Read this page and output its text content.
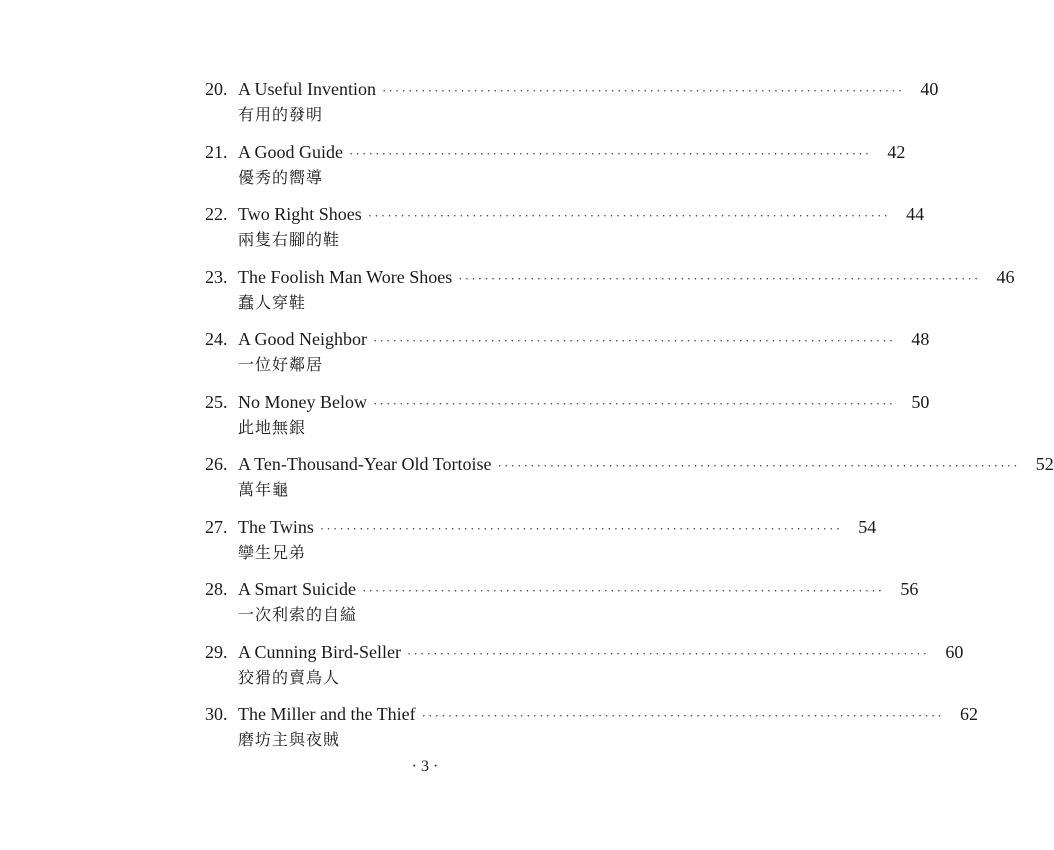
20. A Useful Invention ················································································ 40
有用的發明
21. A Good Guide ················································································ 42
優秀的嚮導
22. Two Right Shoes ················································································ 44
兩隻右腳的鞋
23. The Foolish Man Wore Shoes ················································································ 46
蠢人穿鞋
24. A Good Neighbor ················································································ 48
一位好鄰居
25. No Money Below ················································································ 50
此地無銀
26. A Ten-Thousand-Year Old Tortoise ················································································ 52
萬年龜
27. The Twins ················································································ 54
孿生兄弟
28. A Smart Suicide ················································································ 56
一次利索的自縊
29. A Cunning Bird-Seller ················································································ 60
狡猾的賣鳥人
30. The Miller and the Thief ················································································ 62
磨坊主與夜賊
· 3 ·
